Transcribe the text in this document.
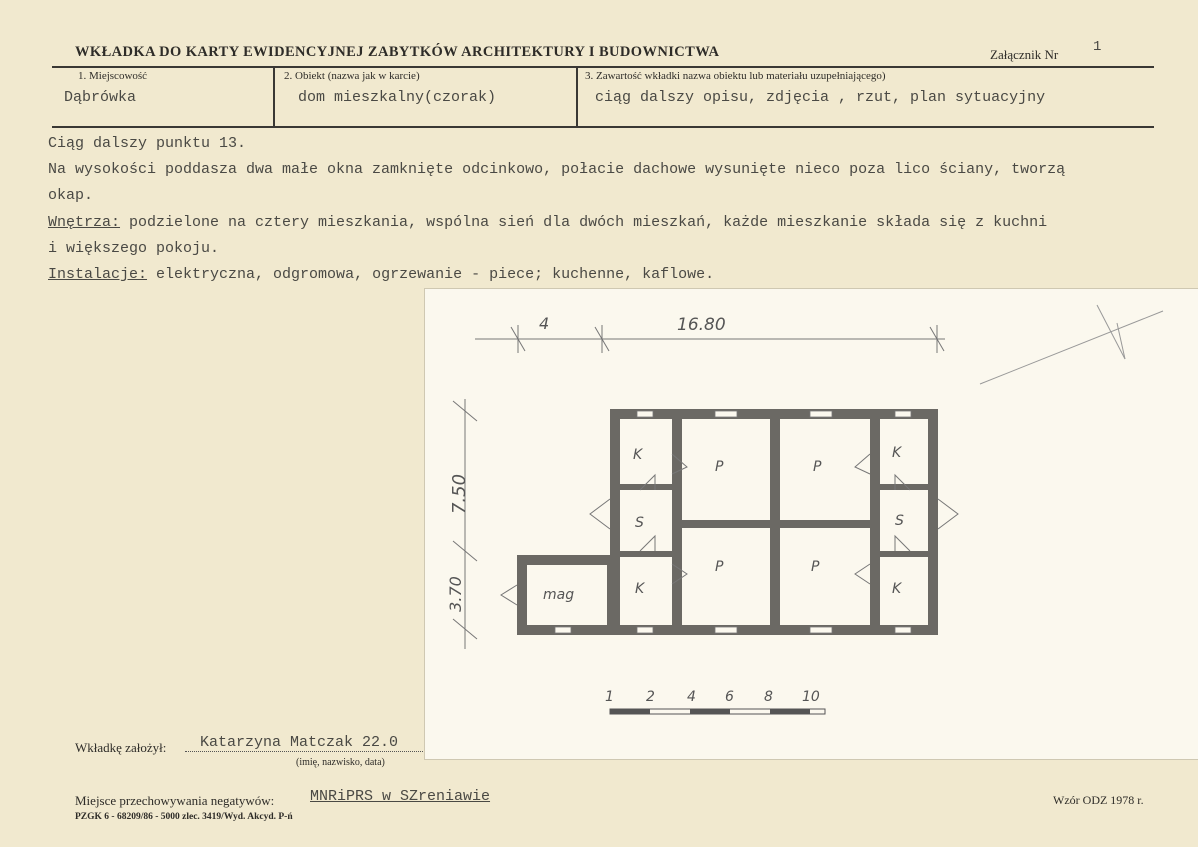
WKŁADKA DO KARTY EWIDENCYJNEJ ZABYTKÓW ARCHITEKTURY I BUDOWNICTWA	Załącznik Nr 1
1. Miejscowość
Dąbrówka
2. Obiekt (nazwa jak w karcie)
dom mieszkalny(czorak)
3. Zawartość wkładki nazwa obiektu lub materiału uzupełniającego)
ciąg dalszy opisu, zdjęcia , rzut, plan sytuacyjny

Ciąg dalszy punktu 13.

Na wysokości poddasza dwa małe okna zamknięte odcinkowo, połacie dachowe wysunięte nieco poza lico ściany, tworzą

okap.

Wnętrza: podzielone na cztery mieszkania, wspólna sień dla dwóch mieszkań, każde mieszkanie składa się z kuchni

i większego pokoju.

Instalacje: elektryczna, odgromowa, ogrzewanie - piece; kuchenne, kaflowe.

4	16.80
7.50
3.70
K	K
K	K
P	P
P	P
S	S
mag
1 2 4 6 8 10
Wkładkę założył: Katarzyna Matczak 22.0
(imię, nazwisko, data)
Miejsce przechowywania negatywów: MNRiPRS w SZreniawie
PZGK 6 - 68209/86 - 5000 zlec. 3419/Wyd. Akcyd. P-ń
Wzór ODZ 1978 r.
